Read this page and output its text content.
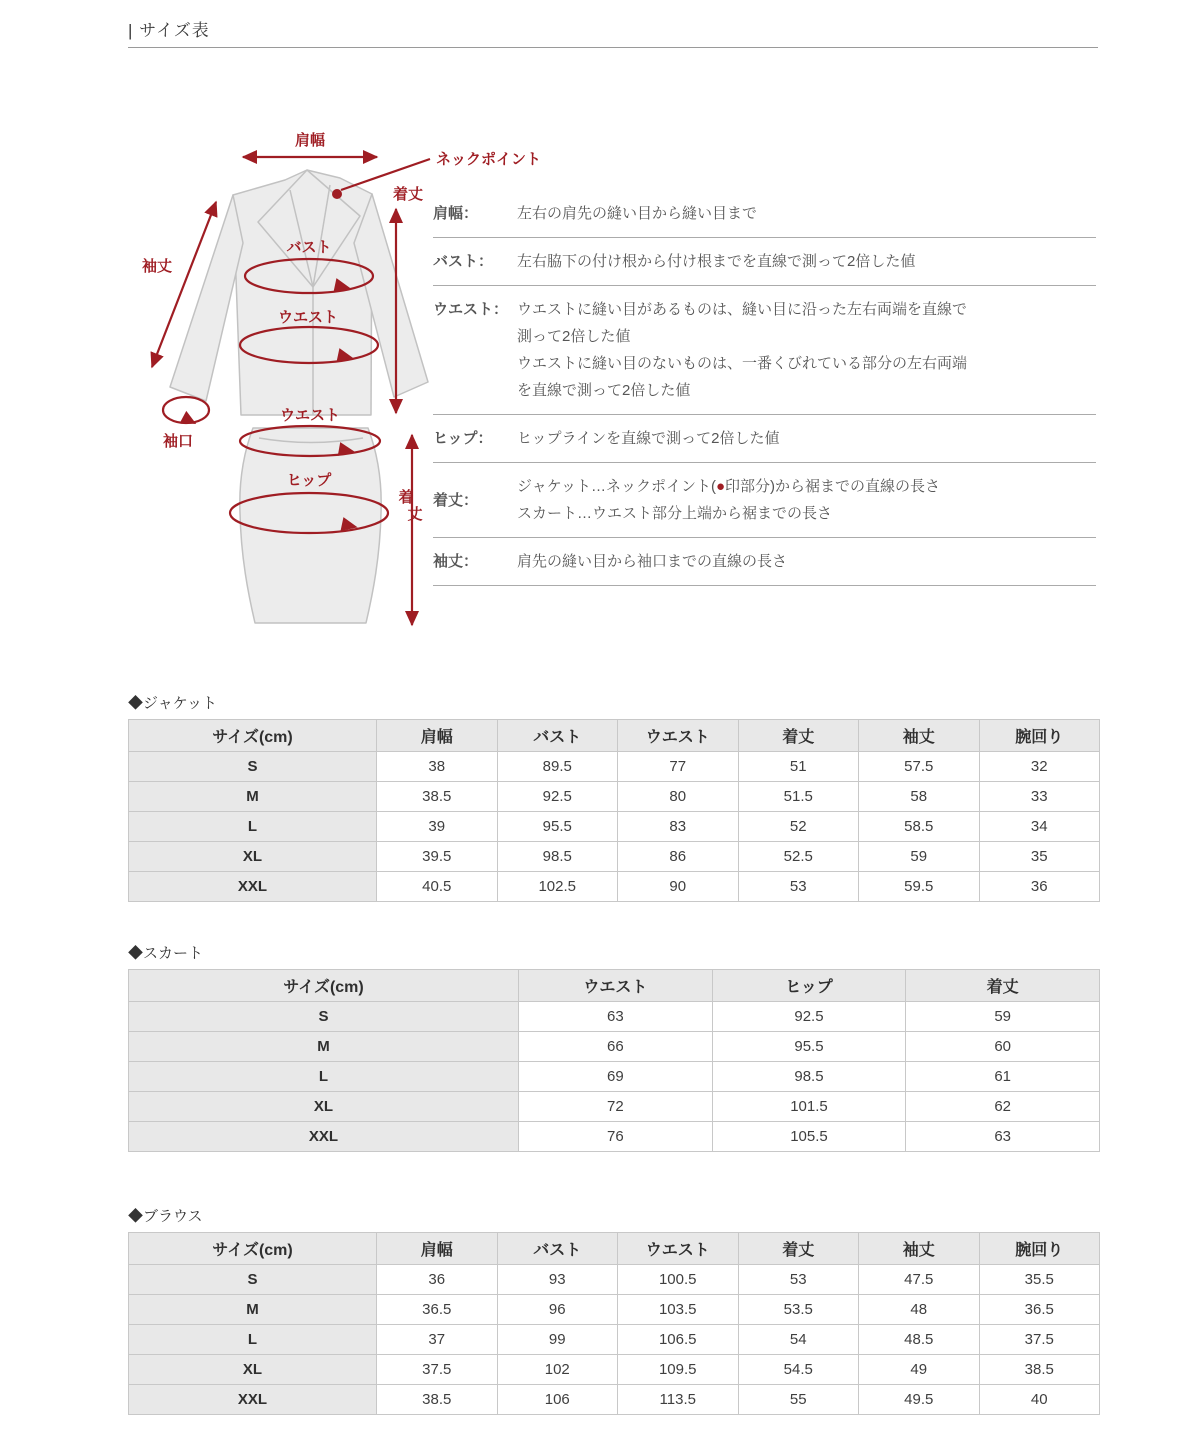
| サイズ表
肩幅
ネックポイント
着丈
袖丈
バスト
ウエスト
袖口
ウエスト
ヒップ
着
丈
肩幅：	左右の肩先の縫い目から縫い目まで
バスト：	左右脇下の付け根から付け根までを直線で測って2倍した値
ウエスト： ウエストに縫い目があるものは、縫い目に沿った左右両端を直線で
測って2倍した値
ウエストに縫い目のないものは、一番くびれている部分の左右両端
を直線で測って2倍した値
ヒップ：	ヒップラインを直線で測って2倍した値
着丈：
ジャケット…ネックポイント(●印部分)から裾までの直線の長さ
スカート…ウエスト部分上端から裾までの長さ
袖丈：	肩先の縫い目から袖口までの直線の長さ
◆ジャケット
サイズ(cm)	肩幅	バスト	ウエスト	着丈	袖丈	腕回り
S	38	89.5	77	51	57.5	32
M	38.5	92.5	80	51.5	58	33
L	39	95.5	83	52	58.5	34
XL	39.5	98.5	86	52.5	59	35
XXL	40.5	102.5	90	53	59.5	36
◆スカート
サイズ(cm)	ウエスト	ヒップ	着丈
S	63	92.5	59
M	66	95.5	60
L	69	98.5	61
XL	72	101.5	62
XXL	76	105.5	63
◆ブラウス
サイズ(cm)	肩幅	バスト	ウエスト	着丈	袖丈	腕回り
S	36	93	100.5	53	47.5	35.5
M	36.5	96	103.5	53.5	48	36.5
L	37	99	106.5	54	48.5	37.5
XL	37.5	102	109.5	54.5	49	38.5
XXL	38.5	106	113.5	55	49.5	40
